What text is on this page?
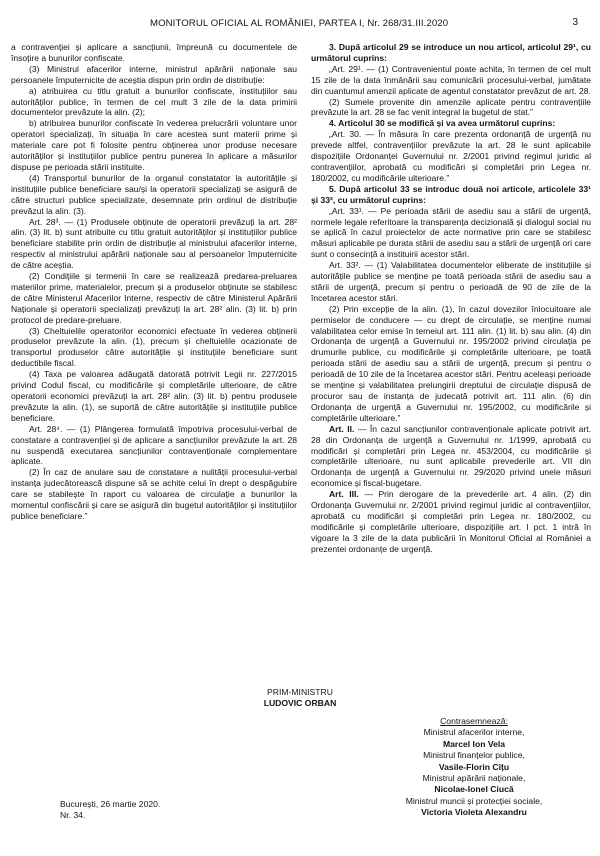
MONITORUL OFICIAL AL ROMÂNIEI, PARTEA I, Nr. 268/31.III.2020	3

a contravenției și aplicare a sancțiunii, împreună cu documentele de însoțire a bunurilor confiscate.

(3) Ministrul afacerilor interne, ministrul apărării naționale sau persoanele împuternicite de aceștia dispun prin ordin de distribuție:

a) atribuirea cu titlu gratuit a bunurilor confiscate, instituțiilor sau autorităților publice, în termen de cel mult 3 zile de la data primirii documentelor prevăzute la alin. (2);

b) atribuirea bunurilor confiscate în vederea prelucrării voluntare unor operatori specializați, în situația în care acestea sunt materii prime și materiale care pot fi folosite pentru obținerea unor produse necesare autorităților și instituțiilor publice pentru punerea în aplicare a măsurilor dispuse pe perioada stării instituite.

(4) Transportul bunurilor de la organul constatator la autoritățile și instituțiile publice beneficiare sau/și la operatorii specializați se asigură de către structuri publice specializate, desemnate prin ordinul de distribuție prevăzut la alin. (3).

Art. 28³. — (1) Produsele obținute de operatorii prevăzuți la art. 28² alin. (3) lit. b) sunt atribuite cu titlu gratuit autorităților și instituțiilor publice beneficiare stabilite prin ordin de distribuție al ministrului afacerilor interne, respectiv al ministrului apărării naționale sau al persoanelor împuternicite de către aceștia.

(2) Condițiile și termenii în care se realizează predarea-preluarea materiilor prime, materialelor, precum și a produselor obținute se stabilesc de către Ministerul Afacerilor Interne, respectiv de către Ministerul Apărării Naționale și operatorii specializați prevăzuți la art. 28² alin. (3) lit. b) prin protocol de predare-preluare.

(3) Cheltuielile operatorilor economici efectuate în vederea obținerii produselor prevăzute la alin. (1), precum și cheltuielile ocazionate de transportul produselor către autoritățile și instituțiile beneficiare sunt deductibile fiscal.

(4) Taxa pe valoarea adăugată datorată potrivit Legii nr. 227/2015 privind Codul fiscal, cu modificările și completările ulterioare, de către operatorii economici prevăzuți la art. 28² alin. (3) lit. b) pentru produsele prevăzute la alin. (1), se suportă de către autoritățile și instituțiile publice beneficiare.

Art. 28⁴. — (1) Plângerea formulată împotriva procesului-verbal de constatare a contravenției și de aplicare a sancțiunilor prevăzute la art. 28 nu suspendă executarea sancțiunilor contravenționale complementare aplicate.

(2) În caz de anulare sau de constatare a nulității procesului-verbal instanța judecătorească dispune să se achite celui în drept o despăgubire care se stabilește în raport cu valoarea de circulație a bunurilor la momentul confiscării și care se asigură din bugetul autorităților și instituțiilor publice beneficiare.”

3. După articolul 29 se introduce un nou articol, articolul 29¹, cu următorul cuprins:

„Art. 29¹. — (1) Contravenientul poate achita, în termen de cel mult 15 zile de la data înmânării sau comunicării procesului-verbal, jumătate din cuantumul amenzii aplicate de agentul constatator prevăzut de art. 28.

(2) Sumele provenite din amenzile aplicate pentru contravențiile prevăzute la art. 28 se fac venit integral la bugetul de stat.”

4. Articolul 30 se modifică și va avea următorul cuprins:

„Art. 30. — În măsura în care prezenta ordonanță de urgență nu prevede altfel, contravențiilor prevăzute la art. 28 le sunt aplicabile dispozițiile Ordonanței Guvernului nr. 2/2001 privind regimul juridic al contravențiilor, aprobată cu modificări și completări prin Legea nr. 180/2002, cu modificările ulterioare.”

5. După articolul 33 se introduc două noi articole, articolele 33¹ și 33², cu următorul cuprins:

„Art. 33¹. — Pe perioada stării de asediu sau a stării de urgență, normele legale referitoare la transparența decizională și dialogul social nu se aplică în cazul proiectelor de acte normative prin care se stabilesc măsuri aplicabile pe durata stării de asediu sau a stării de urgență ori care sunt o consecință a instituirii acestor stări.

Art. 33². — (1) Valabilitatea documentelor eliberate de instituțiile și autoritățile publice se menține pe toată perioada stării de asediu sau a stării de urgență, precum și pentru o perioadă de 90 de zile de la încetarea acestor stări.

(2) Prin excepție de la alin. (1), în cazul dovezilor înlocuitoare ale permiselor de conducere — cu drept de circulație, se menține numai valabilitatea celor emise în temeiul art. 111 alin. (1) lit. b) sau alin. (4) din Ordonanța de urgență a Guvernului nr. 195/2002 privind circulația pe drumurile publice, cu modificările și completările ulterioare, pe toată perioada stării de asediu sau a stării de urgență, precum și pentru o perioadă de 10 zile de la încetarea acestor stări. Pentru aceleași perioade se menține și valabilitatea prelungirii dreptului de circulație dispusă de procuror sau de instanța de judecată potrivit art. 111 alin. (6) din Ordonanța de urgență a Guvernului nr. 195/2002, cu modificările și completările ulterioare.”

Art. II. — În cazul sancțiunilor contravenționale aplicate potrivit art. 28 din Ordonanța de urgență a Guvernului nr. 1/1999, aprobată cu modificări și completări prin Legea nr. 453/2004, cu modificările și completările ulterioare, nu sunt aplicabile prevederile art. VII din Ordonanța de urgență a Guvernului nr. 29/2020 privind unele măsuri economice și fiscal-bugetare.

Art. III. — Prin derogare de la prevederile art. 4 alin. (2) din Ordonanța Guvernului nr. 2/2001 privind regimul juridic al contravențiilor, aprobată cu modificări și completări prin Legea nr. 180/2002, cu modificările și completările ulterioare, dispozițiile art. I pct. 1 intră în vigoare la 3 zile de la data publicării în Monitorul Oficial al României a prezentei ordonanțe de urgență.

PRIM-MINISTRU
LUDOVIC ORBAN
Contrasemnează:
Ministrul afacerilor interne,
Marcel Ion Vela
Ministrul finanțelor publice,
Vasile-Florin Cîțu
Ministrul apărării naționale,
Nicolae-Ionel Ciucă
Ministrul muncii și protecției sociale,
Victoria Violeta Alexandru
București, 26 martie 2020.
Nr. 34.
